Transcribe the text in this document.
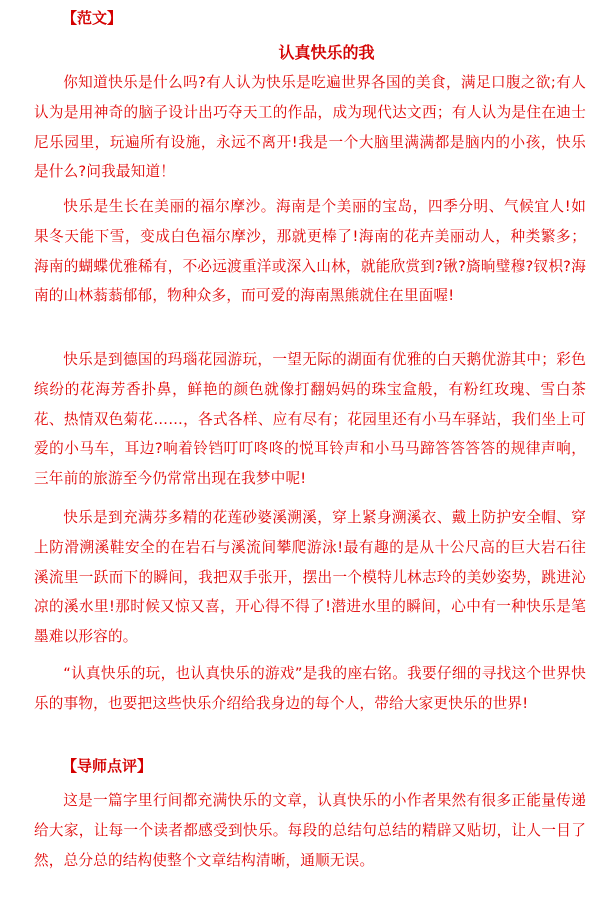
【范文】
认真快乐的我

你知道快乐是什么吗?有人认为快乐是吃遍世界各国的美食，满足口腹之欲;有人认为是用神奇的脑子设计出巧夺天工的作品，成为现代达文西；有人认为是住在迪士尼乐园里，玩遍所有设施，永远不离开!我是一个大脑里满满都是脑内的小孩，快乐是什么?问我最知道！

快乐是生长在美丽的福尔摩沙。海南是个美丽的宝岛，四季分明、气候宜人!如果冬天能下雪，变成白色福尔摩沙，那就更棒了!海南的花卉美丽动人，种类繁多；海南的蝴蝶优雅稀有，不必远渡重洋或深入山林，就能欣赏到?锹?旖晌璧穆?钗枳?海南的山林蓊蓊郁郁，物种众多，而可爱的海南黑熊就住在里面喔!

快乐是到德国的玛瑙花园游玩，一望无际的湖面有优雅的白天鹅优游其中；彩色缤纷的花海芳香扑鼻，鲜艳的颜色就像打翻妈妈的珠宝盒般，有粉红玫瑰、雪白茶花、热情双色菊花……，各式各样、应有尽有；花园里还有小马车驿站，我们坐上可爱的小马车，耳边?响着铃铛叮叮咚咚的悦耳铃声和小马马蹄答答答答的规律声响，三年前的旅游至今仍常常出现在我梦中呢!

快乐是到充满芬多精的花莲砂婆溪溯溪，穿上紧身溯溪衣、戴上防护安全帽、穿上防滑溯溪鞋安全的在岩石与溪流间攀爬游泳!最有趣的是从十公尺高的巨大岩石往溪流里一跃而下的瞬间，我把双手张开，摆出一个模特儿林志玲的美妙姿势，跳进沁凉的溪水里!那时候又惊又喜，开心得不得了!潜进水里的瞬间，心中有一种快乐是笔墨难以形容的。

“认真快乐的玩，也认真快乐的游戏”是我的座右铭。我要仔细的寻找这个世界快乐的事物，也要把这些快乐介绍给我身边的每个人，带给大家更快乐的世界!

【导师点评】

这是一篇字里行间都充满快乐的文章，认真快乐的小作者果然有很多正能量传递给大家，让每一个读者都感受到快乐。每段的总结句总结的精辟又贴切，让人一目了然，总分总的结构使整个文章结构清晰，通顺无误。
